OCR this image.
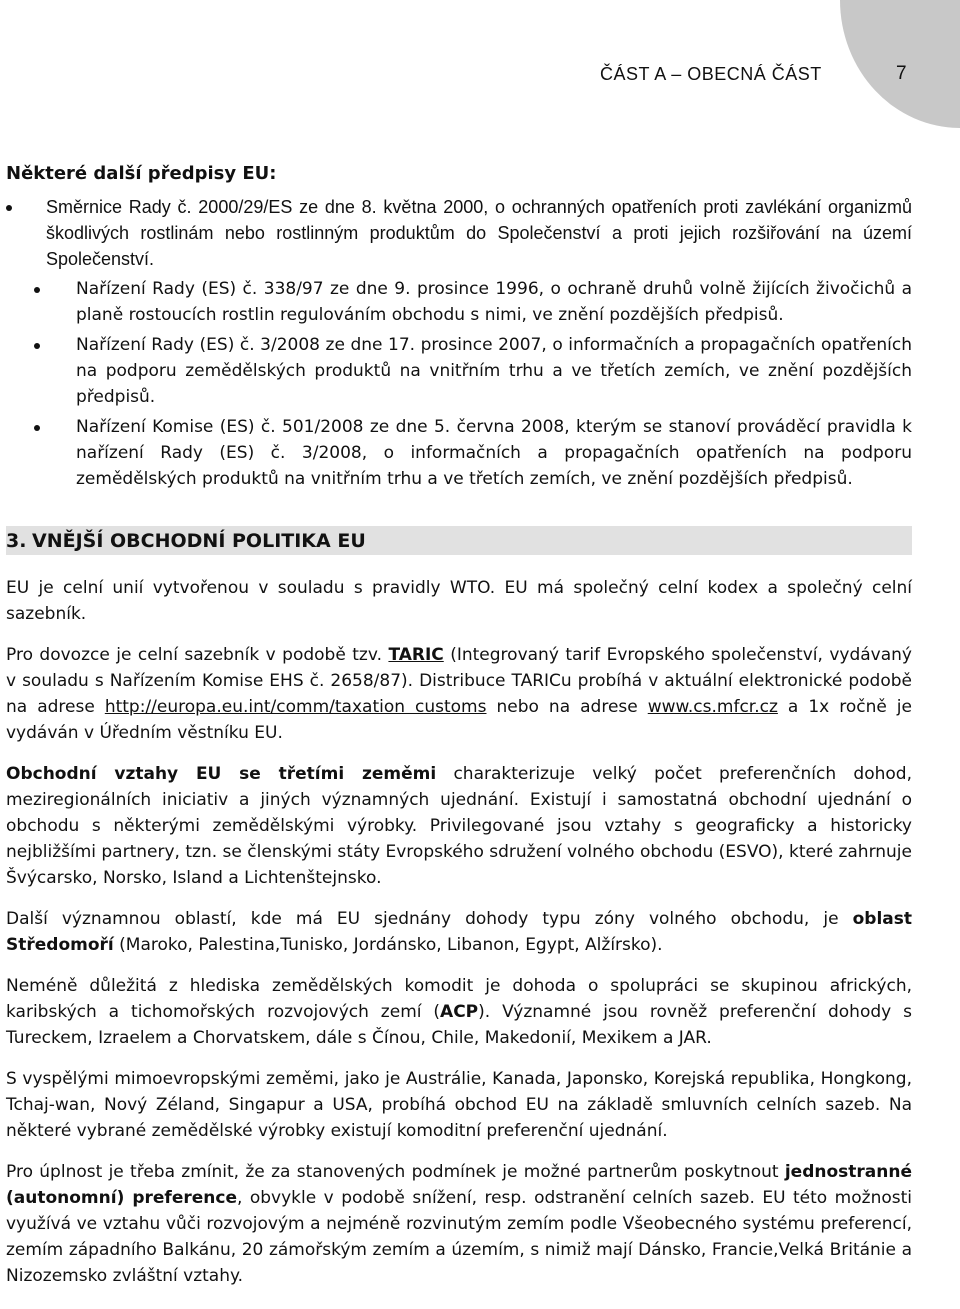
ČÁST A – OBECNÁ ČÁST	7
Některé další předpisy EU:
Směrnice Rady č. 2000/29/ES ze dne 8. května 2000, o ochranných opatřeních proti zavlékání organizmů škodlivých rostlinám nebo rostlinným produktům do Společenství a proti jejich rozšiřování na území Společenství.
Nařízení Rady (ES) č. 338/97 ze dne 9. prosince 1996, o ochraně druhů volně žijících živočichů a planě rostoucích rostlin regulováním obchodu s nimi, ve znění pozdějších předpisů.
Nařízení Rady (ES) č. 3/2008 ze dne 17. prosince 2007, o informačních a propagačních opatřeních na podporu zemědělských produktů na vnitřním trhu a ve třetích zemích, ve znění pozdějších předpisů.
Nařízení Komise (ES) č. 501/2008 ze dne 5. června 2008, kterým se stanoví prováděcí pravidla k nařízení Rady (ES) č. 3/2008, o informačních a propagačních opatřeních na podporu zemědělských produktů na vnitřním trhu a ve třetích zemích, ve znění pozdějších předpisů.
3. VNĚJŠÍ OBCHODNÍ POLITIKA EU

EU je celní unií vytvořenou v souladu s pravidly WTO. EU má společný celní kodex a společný celní sazebník.

Pro dovozce je celní sazebník v podobě tzv. TARIC (Integrovaný tarif Evropského společenství, vydávaný v souladu s Nařízením Komise EHS č. 2658/87). Distribuce TARICu probíhá v aktuální elektronické podobě na adrese http://europa.eu.int/comm/taxation customs nebo na adrese www.cs.mfcr.cz a 1x ročně je vydáván v Úředním věstníku EU.

Obchodní vztahy EU se třetími zeměmi charakterizuje velký počet preferenčních dohod, meziregionálních iniciativ a jiných významných ujednání. Existují i samostatná obchodní ujednání o obchodu s některými zemědělskými výrobky. Privilegované jsou vztahy s geograficky a historicky nejbližšími partnery, tzn. se členskými státy Evropského sdružení volného obchodu (ESVO), které zahrnuje Švýcarsko, Norsko, Island a Lichtenštejnsko.

Další významnou oblastí, kde má EU sjednány dohody typu zóny volného obchodu, je oblast Středomoří (Maroko, Palestina,Tunisko, Jordánsko, Libanon, Egypt, Alžírsko).

Neméně důležitá z hlediska zemědělských komodit je dohoda o spolupráci se skupinou afrických, karibských a tichomořských rozvojových zemí (ACP). Významné jsou rovněž preferenční dohody s Tureckem, Izraelem a Chorvatskem, dále s Čínou, Chile, Makedonií, Mexikem a JAR.

S vyspělými mimoevropskými zeměmi, jako je Austrálie, Kanada, Japonsko, Korejská republika, Hongkong, Tchaj-wan, Nový Zéland, Singapur a USA, probíhá obchod EU na základě smluvních celních sazeb. Na některé vybrané zemědělské výrobky existují komoditní preferenční ujednání.

Pro úplnost je třeba zmínit, že za stanovených podmínek je možné partnerům poskytnout jednostranné (autonomní) preference, obvykle v podobě snížení, resp. odstranění celních sazeb. EU této možnosti využívá ve vztahu vůči rozvojovým a nejméně rozvinutým zemím podle Všeobecného systému preferencí, zemím západního Balkánu, 20 zámořským zemím a územím, s nimiž mají Dánsko, Francie,Velká Británie a Nizozemsko zvláštní vztahy.
